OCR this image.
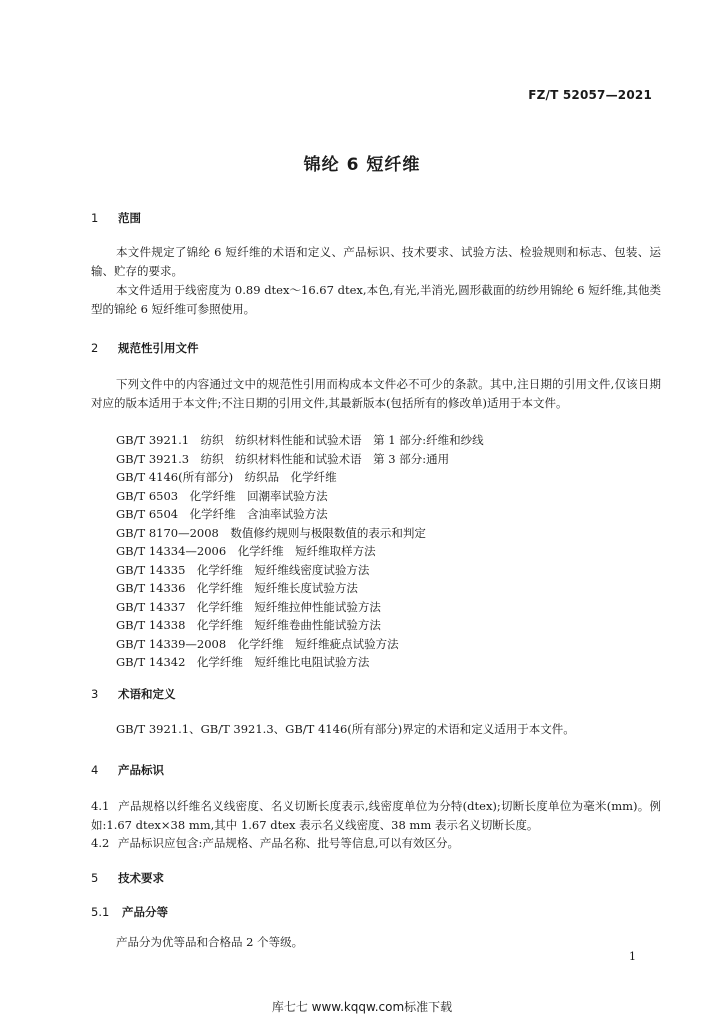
FZ/T 52057—2021
锦纶 6 短纤维
1 范围
本文件规定了锦纶 6 短纤维的术语和定义、产品标识、技术要求、试验方法、检验规则和标志、包装、运输、贮存的要求。
本文件适用于线密度为 0.89 dtex～16.67 dtex,本色,有光,半消光,圆形截面的纺纱用锦纶 6 短纤维,其他类型的锦纶 6 短纤维可参照使用。
2 规范性引用文件
下列文件中的内容通过文中的规范性引用而构成本文件必不可少的条款。其中,注日期的引用文件,仅该日期对应的版本适用于本文件;不注日期的引用文件,其最新版本(包括所有的修改单)适用于本文件。
GB/T 3921.1　纺织　纺织材料性能和试验术语　第 1 部分:纤维和纱线
GB/T 3921.3　纺织　纺织材料性能和试验术语　第 3 部分:通用
GB/T 4146(所有部分)　纺织品　化学纤维
GB/T 6503　化学纤维　回潮率试验方法
GB/T 6504　化学纤维　含油率试验方法
GB/T 8170—2008　数值修约规则与极限数值的表示和判定
GB/T 14334—2006　化学纤维　短纤维取样方法
GB/T 14335　化学纤维　短纤维线密度试验方法
GB/T 14336　化学纤维　短纤维长度试验方法
GB/T 14337　化学纤维　短纤维拉伸性能试验方法
GB/T 14338　化学纤维　短纤维卷曲性能试验方法
GB/T 14339—2008　化学纤维　短纤维疵点试验方法
GB/T 14342　化学纤维　短纤维比电阻试验方法
3 术语和定义
GB/T 3921.1、GB/T 3921.3、GB/T 4146(所有部分)界定的术语和定义适用于本文件。
4 产品标识
4.1 产品规格以纤维名义线密度、名义切断长度表示,线密度单位为分特(dtex);切断长度单位为毫米(mm)。例如:1.67 dtex×38 mm,其中 1.67 dtex 表示名义线密度、38 mm 表示名义切断长度。
4.2 产品标识应包含:产品规格、产品名称、批号等信息,可以有效区分。
5 技术要求
5.1 产品分等
产品分为优等品和合格品 2 个等级。
1
库七七 www.kqqw.com标准下载
